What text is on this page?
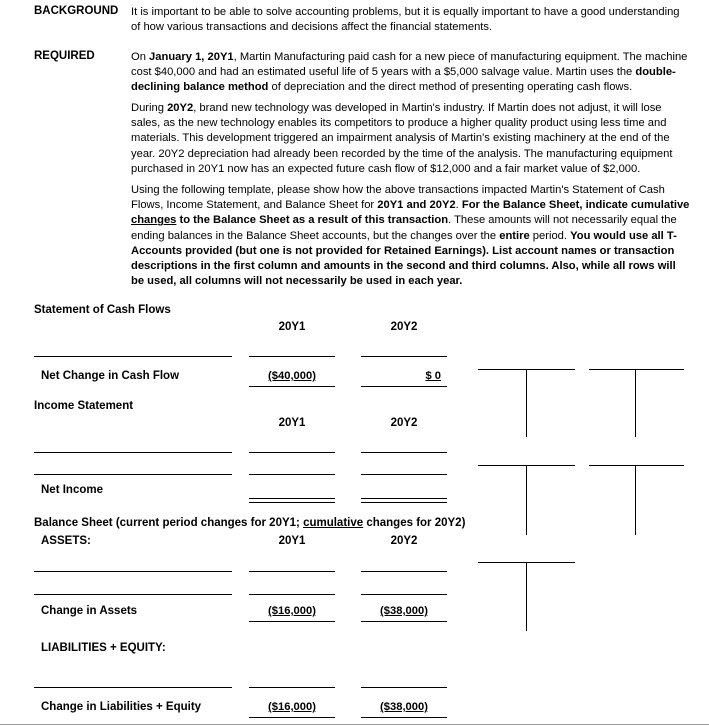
BACKGROUND It is important to be able to solve accounting problems, but it is equally important to have a good understanding of how various transactions and decisions affect the financial statements.
REQUIRED	On January 1, 20Y1, Martin Manufacturing paid cash for a new piece of manufacturing equipment. The machine cost $40,000 and had an estimated useful life of 5 years with a $5,000 salvage value. Martin uses the double-declining balance method of depreciation and the direct method of presenting operating cash flows.
During 20Y2, brand new technology was developed in Martin's industry. If Martin does not adjust, it will lose sales, as the new technology enables its competitors to produce a higher quality product using less time and materials. This development triggered an impairment analysis of Martin's existing machinery at the end of the year. 20Y2 depreciation had already been recorded by the time of the analysis. The manufacturing equipment purchased in 20Y1 now has an expected future cash flow of $12,000 and a fair market value of $2,000.
Using the following template, please show how the above transactions impacted Martin's Statement of Cash Flows, Income Statement, and Balance Sheet for 20Y1 and 20Y2. For the Balance Sheet, indicate cumulative changes to the Balance Sheet as a result of this transaction. These amounts will not necessarily equal the ending balances in the Balance Sheet accounts, but the changes over the entire period. You would use all T-Accounts provided (but one is not provided for Retained Earnings). List account names or transaction descriptions in the first column and amounts in the second and third columns. Also, while all rows will be used, all columns will not necessarily be used in each year.
Statement of Cash Flows
20Y1	20Y2
Net Change in Cash Flow	($40,000)	$ 0
Income Statement
20Y1	20Y2
Net Income
Balance Sheet (current period changes for 20Y1; cumulative changes for 20Y2)
ASSETS:	20Y1	20Y2
Change in Assets	($16,000)	($38,000)
LIABILITIES + EQUITY:
Change in Liabilities + Equity	($16,000)	($38,000)
